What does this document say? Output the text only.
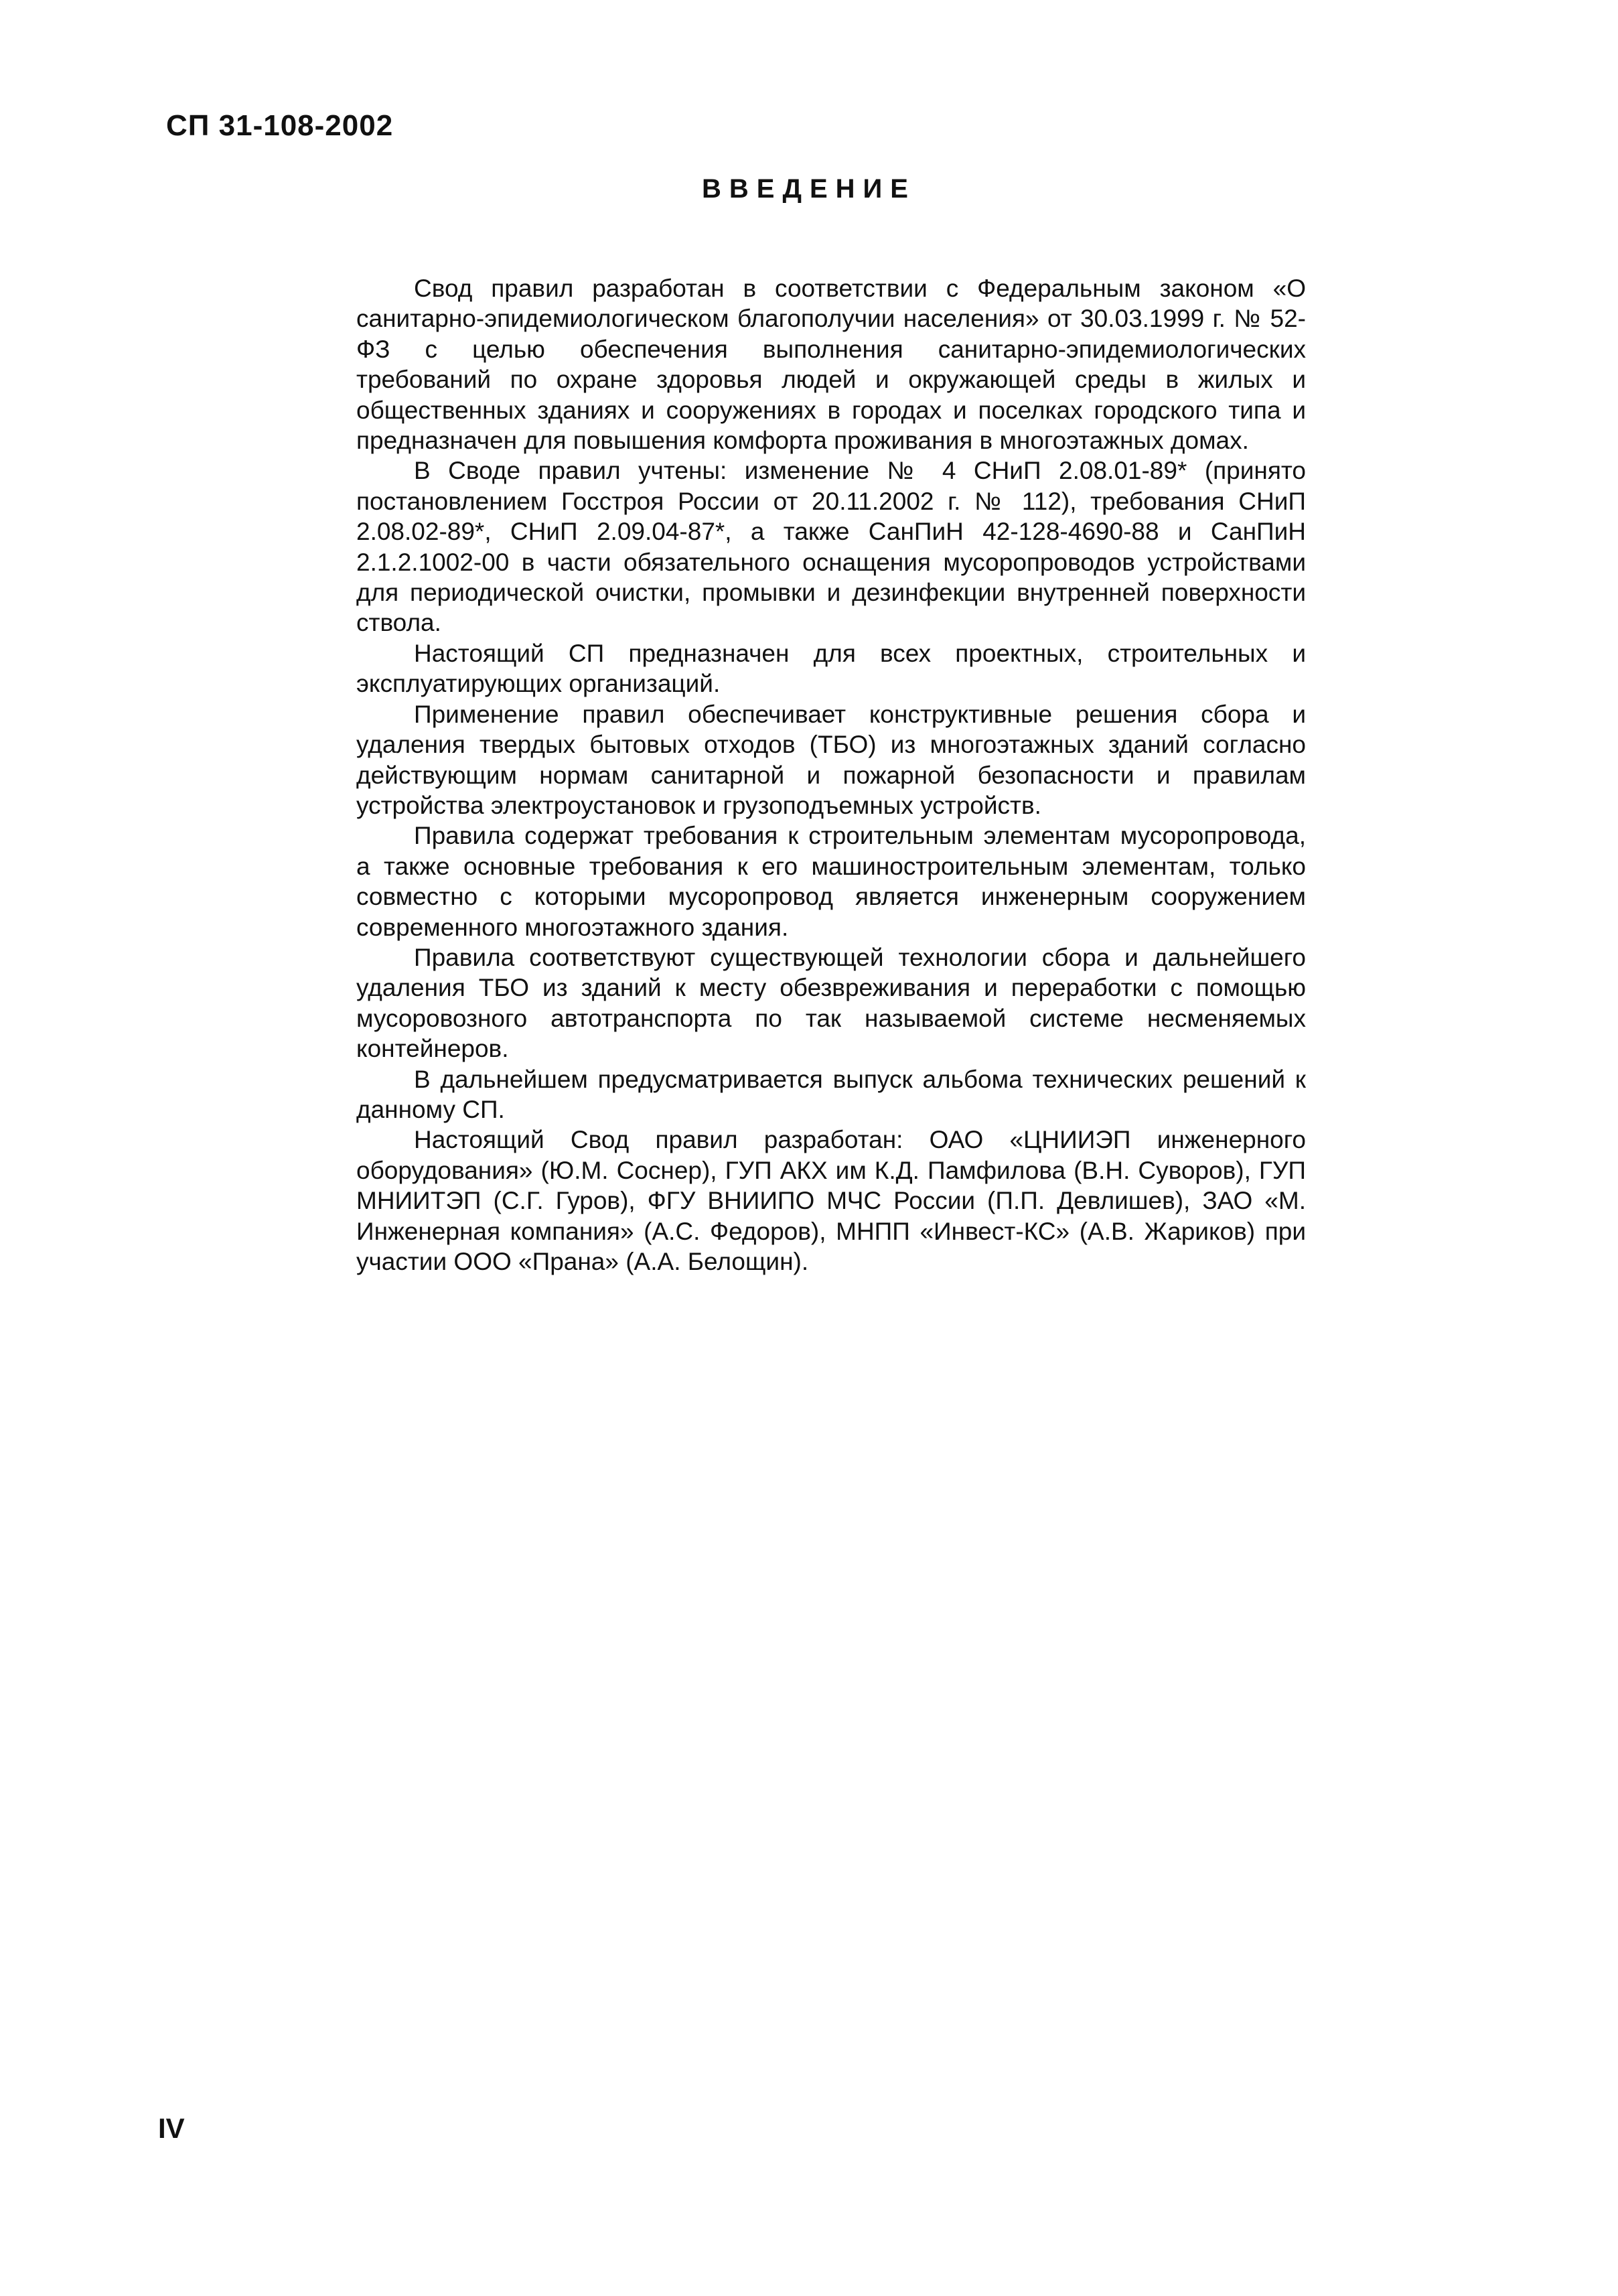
СП 31-108-2002
ВВЕДЕНИЕ

Свод правил разработан в соответствии с Федеральным законом «О санитарно-эпидемиологическом благополучии населения» от 30.03.1999 г. № 52-ФЗ с целью обеспечения выполнения санитарно-эпидемиологических требований по охране здоровья людей и окружающей среды в жилых и общественных зданиях и сооружениях в городах и поселках городского типа и предназначен для повышения комфорта проживания в многоэтажных домах.

В Своде правил учтены: изменение № 4 СНиП 2.08.01-89* (принято постановлением Госстроя России от 20.11.2002 г. № 112), требования СНиП 2.08.02-89*, СНиП 2.09.04-87*, а также СанПиН 42-128-4690-88 и СанПиН 2.1.2.1002-00 в части обязательного оснащения мусоропроводов устройствами для периодической очистки, промывки и дезинфекции внутренней поверхности ствола.

Настоящий СП предназначен для всех проектных, строительных и эксплуатирующих организаций.

Применение правил обеспечивает конструктивные решения сбора и удаления твердых бытовых отходов (ТБО) из многоэтажных зданий согласно действующим нормам санитарной и пожарной безопасности и правилам устройства электроустановок и грузоподъемных устройств.

Правила содержат требования к строительным элементам мусоропровода, а также основные требования к его машиностроительным элементам, только совместно с которыми мусоропровод является инженерным сооружением современного многоэтажного здания.

Правила соответствуют существующей технологии сбора и дальнейшего удаления ТБО из зданий к месту обезвреживания и переработки с помощью мусоровозного автотранспорта по так называемой системе несменяемых контейнеров.

В дальнейшем предусматривается выпуск альбома технических решений к данному СП.

Настоящий Свод правил разработан: ОАО «ЦНИИЭП инженерного оборудования» (Ю.М. Соснер), ГУП АКХ им К.Д. Памфилова (В.Н. Суворов), ГУП МНИИТЭП (С.Г. Гуров), ФГУ ВНИИПО МЧС России (П.П. Девлишев), ЗАО «М. Инженерная компания» (А.С. Федоров), МНПП «Инвест-КС» (А.В. Жариков) при участии ООО «Прана» (А.А. Белощин).

IV
